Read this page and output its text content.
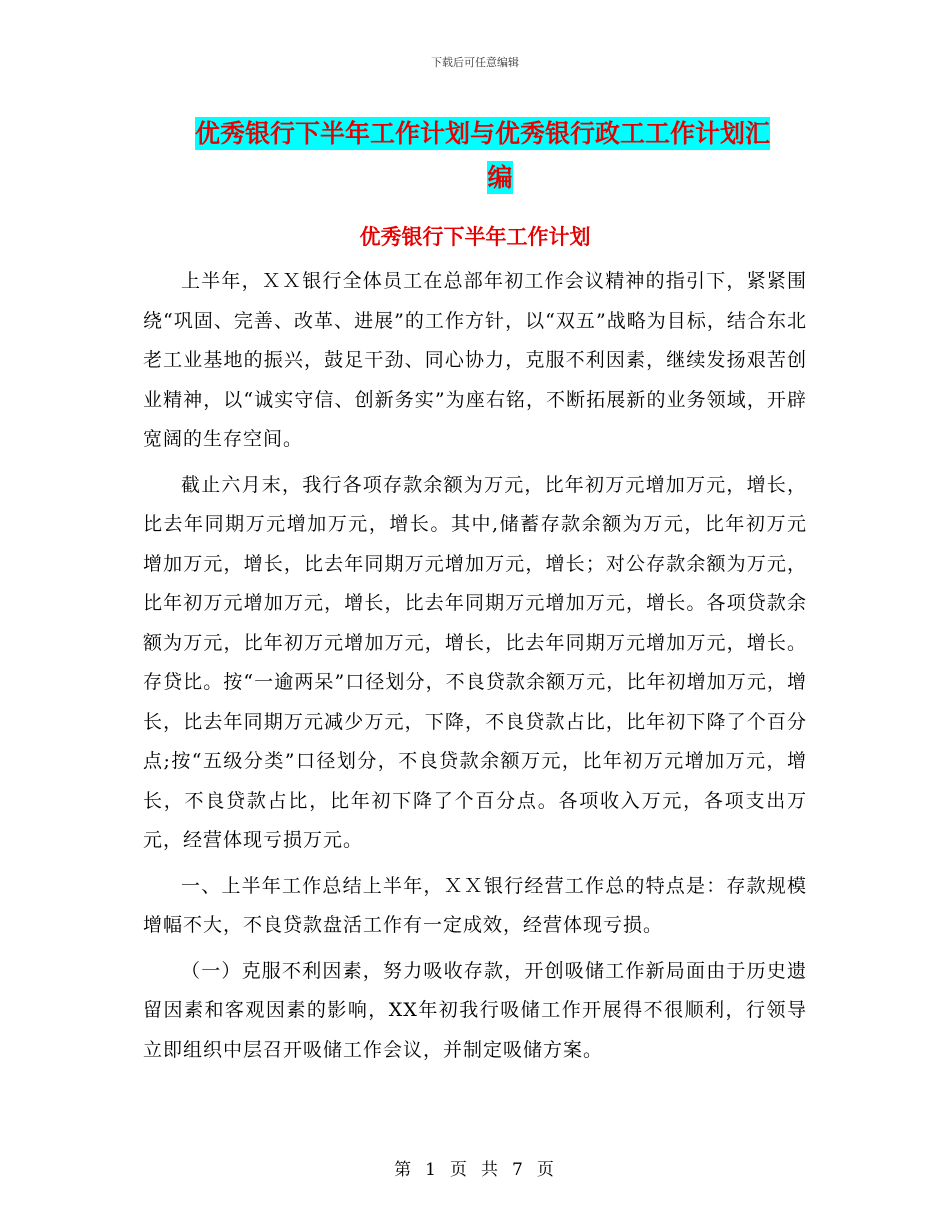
下载后可任意编辑
优秀银行下半年工作计划与优秀银行政工工作计划汇
编
优秀银行下半年工作计划

上半年，ＸＸ银行全体员工在总部年初工作会议精神的指引下，紧紧围绕“巩固、完善、改革、进展”的工作方针，以“双五”战略为目标，结合东北老工业基地的振兴，鼓足干劲、同心协力，克服不利因素，继续发扬艰苦创业精神，以“诚实守信、创新务实”为座右铭，不断拓展新的业务领域，开辟宽阔的生存空间。

截止六月末，我行各项存款余额为万元，比年初万元增加万元，增长，比去年同期万元增加万元，增长。其中,储蓄存款余额为万元，比年初万元增加万元，增长，比去年同期万元增加万元，增长；对公存款余额为万元，比年初万元增加万元，增长，比去年同期万元增加万元，增长。各项贷款余额为万元，比年初万元增加万元，增长，比去年同期万元增加万元，增长。存贷比。按“一逾两呆”口径划分，不良贷款余额万元，比年初增加万元，增长，比去年同期万元减少万元，下降，不良贷款占比，比年初下降了个百分点;按“五级分类”口径划分，不良贷款余额万元，比年初万元增加万元，增长，不良贷款占比，比年初下降了个百分点。各项收入万元，各项支出万元，经营体现亏损万元。

一、上半年工作总结上半年，ＸＸ银行经营工作总的特点是：存款规模增幅不大，不良贷款盘活工作有一定成效，经营体现亏损。

（一）克服不利因素，努力吸收存款，开创吸储工作新局面由于历史遗留因素和客观因素的影响，XX年初我行吸储工作开展得不很顺利，行领导立即组织中层召开吸储工作会议，并制定吸储方案。

第 1 页 共 7 页
